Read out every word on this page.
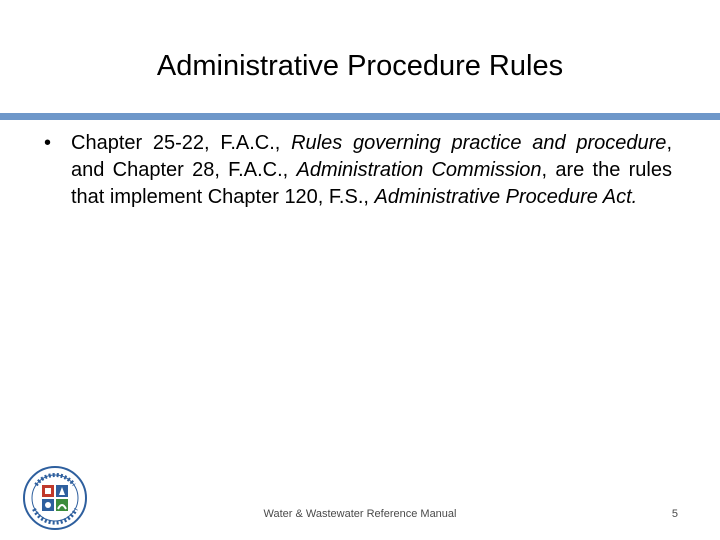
Administrative Procedure Rules
• Chapter 25-22, F.A.C., Rules governing practice and procedure, and Chapter 28, F.A.C., Administration Commission, are the rules that implement Chapter 120, F.S., Administrative Procedure Act.
Water & Wastewater Reference Manual	5
